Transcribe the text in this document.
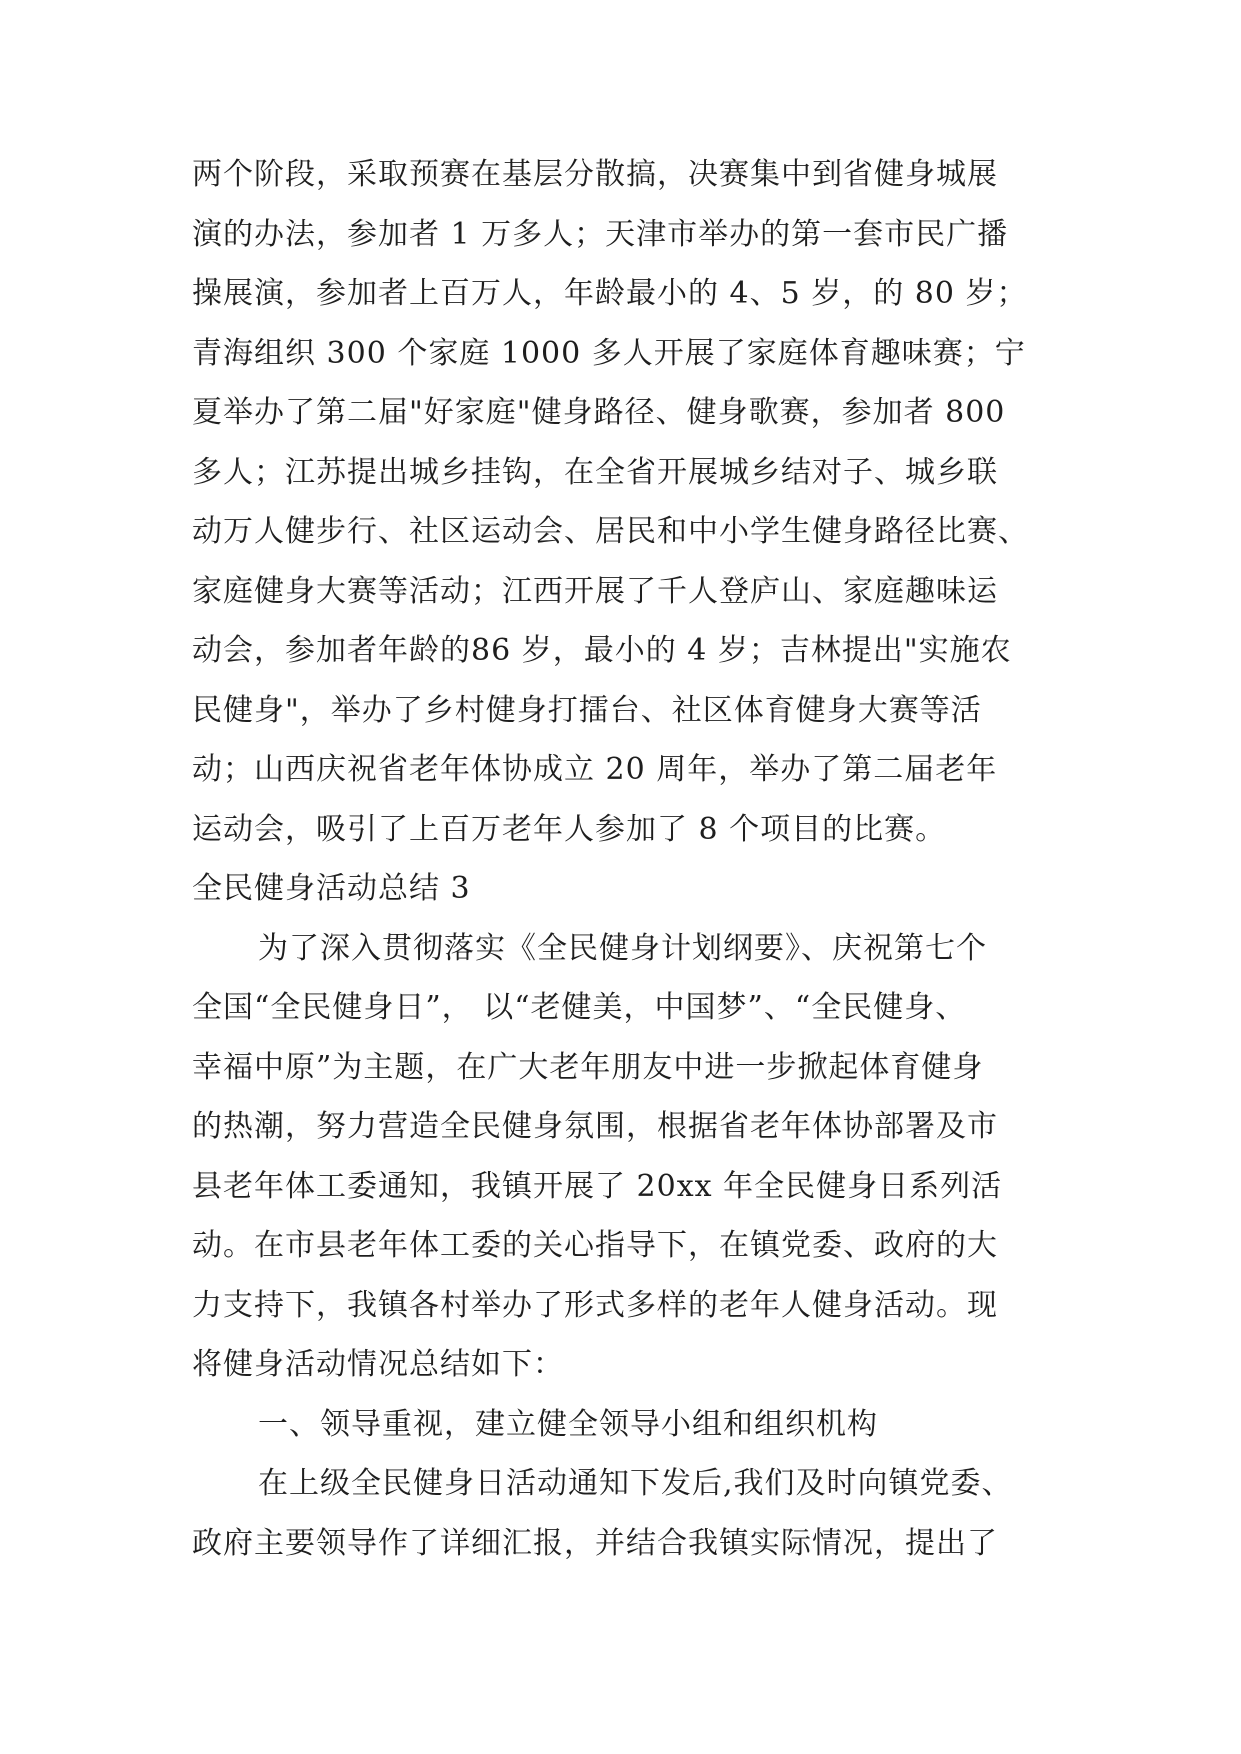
两个阶段，采取预赛在基层分散搞，决赛集中到省健身城展
演的办法，参加者 1 万多人；天津市举办的第一套市民广播
操展演，参加者上百万人，年龄最小的 4、5 岁，的 80 岁；
青海组织 300 个家庭 1000 多人开展了家庭体育趣味赛；宁
夏举办了第二届"好家庭"健身路径、健身歌赛，参加者 800
多人；江苏提出城乡挂钩，在全省开展城乡结对子、城乡联
动万人健步行、社区运动会、居民和中小学生健身路径比赛、
家庭健身大赛等活动；江西开展了千人登庐山、家庭趣味运
动会，参加者年龄的86 岁，最小的 4 岁；吉林提出"实施农
民健身"，举办了乡村健身打擂台、社区体育健身大赛等活
动；山西庆祝省老年体协成立 20 周年，举办了第二届老年
运动会，吸引了上百万老年人参加了 8 个项目的比赛。
全民健身活动总结 3
为了深入贯彻落实《全民健身计划纲要》、庆祝第七个
全国“全民健身日”， 以“老健美，中国梦”、“全民健身、
幸福中原”为主题，在广大老年朋友中进一步掀起体育健身
的热潮，努力营造全民健身氛围，根据省老年体协部署及市
县老年体工委通知，我镇开展了 20xx 年全民健身日系列活
动。在市县老年体工委的关心指导下，在镇党委、政府的大
力支持下，我镇各村举办了形式多样的老年人健身活动。现
将健身活动情况总结如下：
一、领导重视，建立健全领导小组和组织机构
在上级全民健身日活动通知下发后,我们及时向镇党委、
政府主要领导作了详细汇报，并结合我镇实际情况，提出了
